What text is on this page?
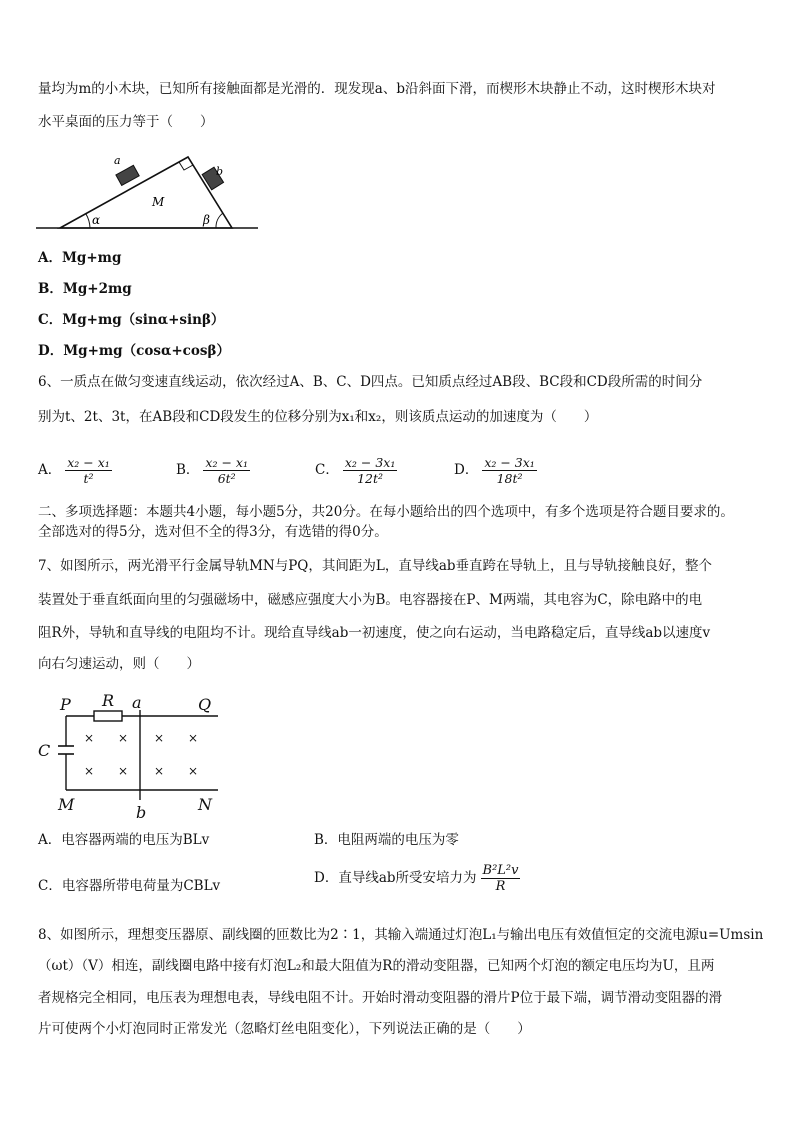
量均为m的小木块，已知所有接触面都是光滑的．现发现a、b沿斜面下滑，而楔形木块静止不动，这时楔形木块对
水平桌面的压力等于（　　）
a
b
M
α	β
A．Mg+mg
B．Mg+2mg
C．Mg+mg（sinα+sinβ）
D．Mg+mg（cosα+cosβ）
6、一质点在做匀变速直线运动，依次经过A、B、C、D四点。已知质点经过AB段、BC段和CD段所需的时间分
别为t、2t、3t，在AB段和CD段发生的位移分别为x₁和x₂，则该质点运动的加速度为（　　）
A． $\frac{\text{x₂ − x₁}}{\text{t²}}$	B． $\frac{\text{x₂ − x₁}}{\text{6t²}}$	C． $\frac{\text{x₂ − 3x₁}}{\text{12t²}}$	D． $\frac{\text{x₂ − 3x₁}}{\text{18t²}}$
二、多项选择题：本题共4小题，每小题5分，共20分。在每小题给出的四个选项中，有多个选项是符合题目要求的。
全部选对的得5分，选对但不全的得3分，有选错的得0分。
7、如图所示，两光滑平行金属导轨MN与PQ，其间距为L，直导线ab垂直跨在导轨上，且与导轨接触良好，整个
装置处于垂直纸面向里的匀强磁场中，磁感应强度大小为B。电容器接在P、M两端，其电容为C，除电路中的电
阻R外，导轨和直导线的电阻均不计。现给直导线ab一初速度，使之向右运动，当电路稳定后，直导线ab以速度v
向右匀速运动，则（　　）
× × × ×
× × × ×
P R a	Q
C
M	b	N
A．电容器两端的电压为BLv	B．电阻两端的电压为零
C．电容器所带电荷量为CBLv	D．直导线ab所受安培力为 $\frac{\text{B²L²v}}{R}$
8、如图所示，理想变压器原、副线圈的匝数比为2∶1，其输入端通过灯泡L₁与输出电压有效值恒定的交流电源u=Umsin
（ωt）（V）相连，副线圈电路中接有灯泡L₂和最大阻值为R的滑动变阻器，已知两个灯泡的额定电压均为U，且两
者规格完全相同，电压表为理想电表，导线电阻不计。开始时滑动变阻器的滑片P位于最下端，调节滑动变阻器的滑
片可使两个小灯泡同时正常发光（忽略灯丝电阻变化），下列说法正确的是（　　）
